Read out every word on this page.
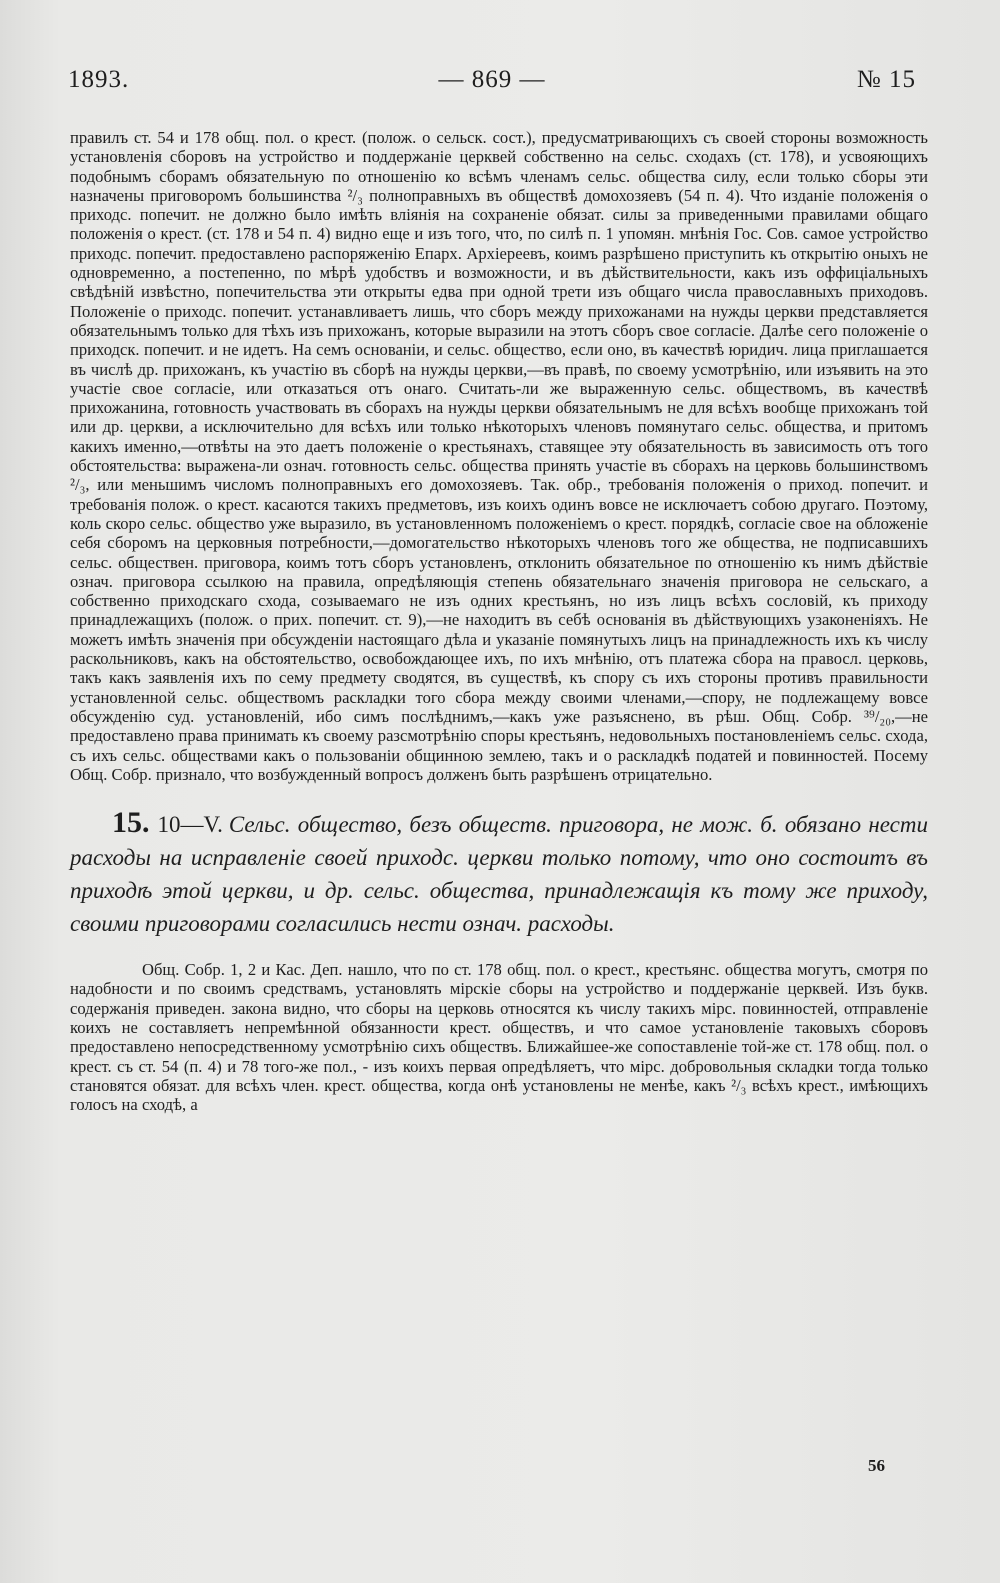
1893.	— 869 —	№ 15

правилъ ст. 54 и 178 общ. пол. о крест. (полож. о сельск. сост.), предусматривающихъ съ своей стороны возможность установленія сборовъ на устройство и поддержаніе церквей собственно на сельс. сходахъ (ст. 178), и усвояющихъ подобнымъ сборамъ обязательную по отношенію ко всѣмъ членамъ сельс. общества силу, если только сборы эти назначены приговоромъ большинства ²/₃ полноправныхъ въ обществѣ домохозяевъ (54 п. 4). Что изданіе положенія о приходс. попечит. не должно было имѣть вліянія на сохраненіе обязат. силы за приведенными правилами общаго положенія о крест. (ст. 178 и 54 п. 4) видно еще и изъ того, что, по силѣ п. 1 упомян. мнѣнія Гос. Сов. самое устройство приходс. попечит. предоставлено распоряженію Епарх. Архіереевъ, коимъ разрѣшено приступить къ открытію оныхъ не одновременно, а постепенно, по мѣрѣ удобствъ и возможности, и въ дѣйствительности, какъ изъ оффиціальныхъ свѣдѣній извѣстно, попечительства эти открыты едва при одной трети изъ общаго числа православныхъ приходовъ. Положеніе о приходс. попечит. устанавливаетъ лишь, что сборъ между прихожанами на нужды церкви представляется обязательнымъ только для тѣхъ изъ прихожанъ, которые выразили на этотъ сборъ свое согласіе. Далѣе сего положеніе о приходск. попечит. и не идетъ. На семъ основаніи, и сельс. общество, если оно, въ качествѣ юридич. лица приглашается въ числѣ др. прихожанъ, къ участію въ сборѣ на нужды церкви,—въ правѣ, по своему усмотрѣнію, или изъявить на это участіе свое согласіе, или отказаться отъ онаго. Считать-ли же выраженную сельс. обществомъ, въ качествѣ прихожанина, готовность участвовать въ сборахъ на нужды церкви обязательнымъ не для всѣхъ вообще прихожанъ той или др. церкви, а исключительно для всѣхъ или только нѣкоторыхъ членовъ помянутаго сельс. общества, и притомъ какихъ именно,—отвѣты на это даетъ положеніе о крестьянахъ, ставящее эту обязательность въ зависимость отъ того обстоятельства: выражена-ли означ. готовность сельс. общества принять участіе въ сборахъ на церковь большинствомъ ²/₃, или меньшимъ числомъ полноправныхъ его домохозяевъ. Так. обр., требованія положенія о приход. попечит. и требованія полож. о крест. касаются такихъ предметовъ, изъ коихъ одинъ вовсе не исключаетъ собою другаго. Поэтому, коль скоро сельс. общество уже выразило, въ установленномъ положеніемъ о крест. порядкѣ, согласіе свое на обложеніе себя сборомъ на церковныя потребности,—домогательство нѣкоторыхъ членовъ того же общества, не подписавшихъ сельс. обществен. приговора, коимъ тотъ сборъ установленъ, отклонить обязательное по отношенію къ нимъ дѣйствіе означ. приговора ссылкою на правила, опредѣляющія степень обязательнаго значенія приговора не сельскаго, а собственно приходскаго схода, созываемаго не изъ одних крестьянъ, но изъ лицъ всѣхъ сословій, къ приходу принадлежащихъ (полож. о прих. попечит. ст. 9),—не находитъ въ себѣ основанія въ дѣйствующихъ узаконеніяхъ. Не можетъ имѣть значенія при обсужденіи настоящаго дѣла и указаніе помянутыхъ лицъ на принадлежность ихъ къ числу раскольниковъ, какъ на обстоятельство, освобождающее ихъ, по ихъ мнѣнію, отъ платежа сбора на правосл. церковь, такъ какъ заявленія ихъ по сему предмету сводятся, въ существѣ, къ спору съ ихъ стороны противъ правильности установленной сельс. обществомъ раскладки того сбора между своими членами,—спору, не подлежащему вовсе обсужденію суд. установленій, ибо симъ послѣднимъ,—какъ уже разъяснено, въ рѣш. Общ. Собр. ³⁹/₂₀,—не предоставлено права принимать къ своему разсмотрѣнію споры крестьянъ, недовольныхъ постановленіемъ сельс. схода, съ ихъ сельс. обществами какъ о пользованіи общинною землею, такъ и о раскладкѣ податей и повинностей. Посему Общ. Собр. признало, что возбужденный вопросъ долженъ быть разрѣшенъ отрицательно.

15. 10—V. Сельс. общество, безъ обществ. приговора, не мож. б. обязано нести расходы на исправленіе своей приходс. церкви только потому, что оно состоитъ въ приходѣ этой церкви, и др. сельс. общества, принадлежащія къ тому же приходу, своими приговорами согласились нести означ. расходы.

Общ. Собр. 1, 2 и Кас. Деп. нашло, что по ст. 178 общ. пол. о крест., крестьянс. общества могутъ, смотря по надобности и по своимъ средствамъ, установлять мірскіе сборы на устройство и поддержаніе церквей. Изъ букв. содержанія приведен. закона видно, что сборы на церковь относятся къ числу такихъ мірс. повинностей, отправленіе коихъ не составляетъ непремѣнной обязанности крест. обществъ, и что самое установленіе таковыхъ сборовъ предоставлено непосредственному усмотрѣнію сихъ обществъ. Ближайшее-же сопоставленіе той-же ст. 178 общ. пол. о крест. съ ст. 54 (п. 4) и 78 того-же пол., - изъ коихъ первая опредѣляетъ, что мірс. добровольныя складки тогда только становятся обязат. для всѣхъ член. крест. общества, когда онѣ установлены не менѣе, какъ ²/₃ всѣхъ крест., имѣющихъ голосъ на сходѣ, а

56
